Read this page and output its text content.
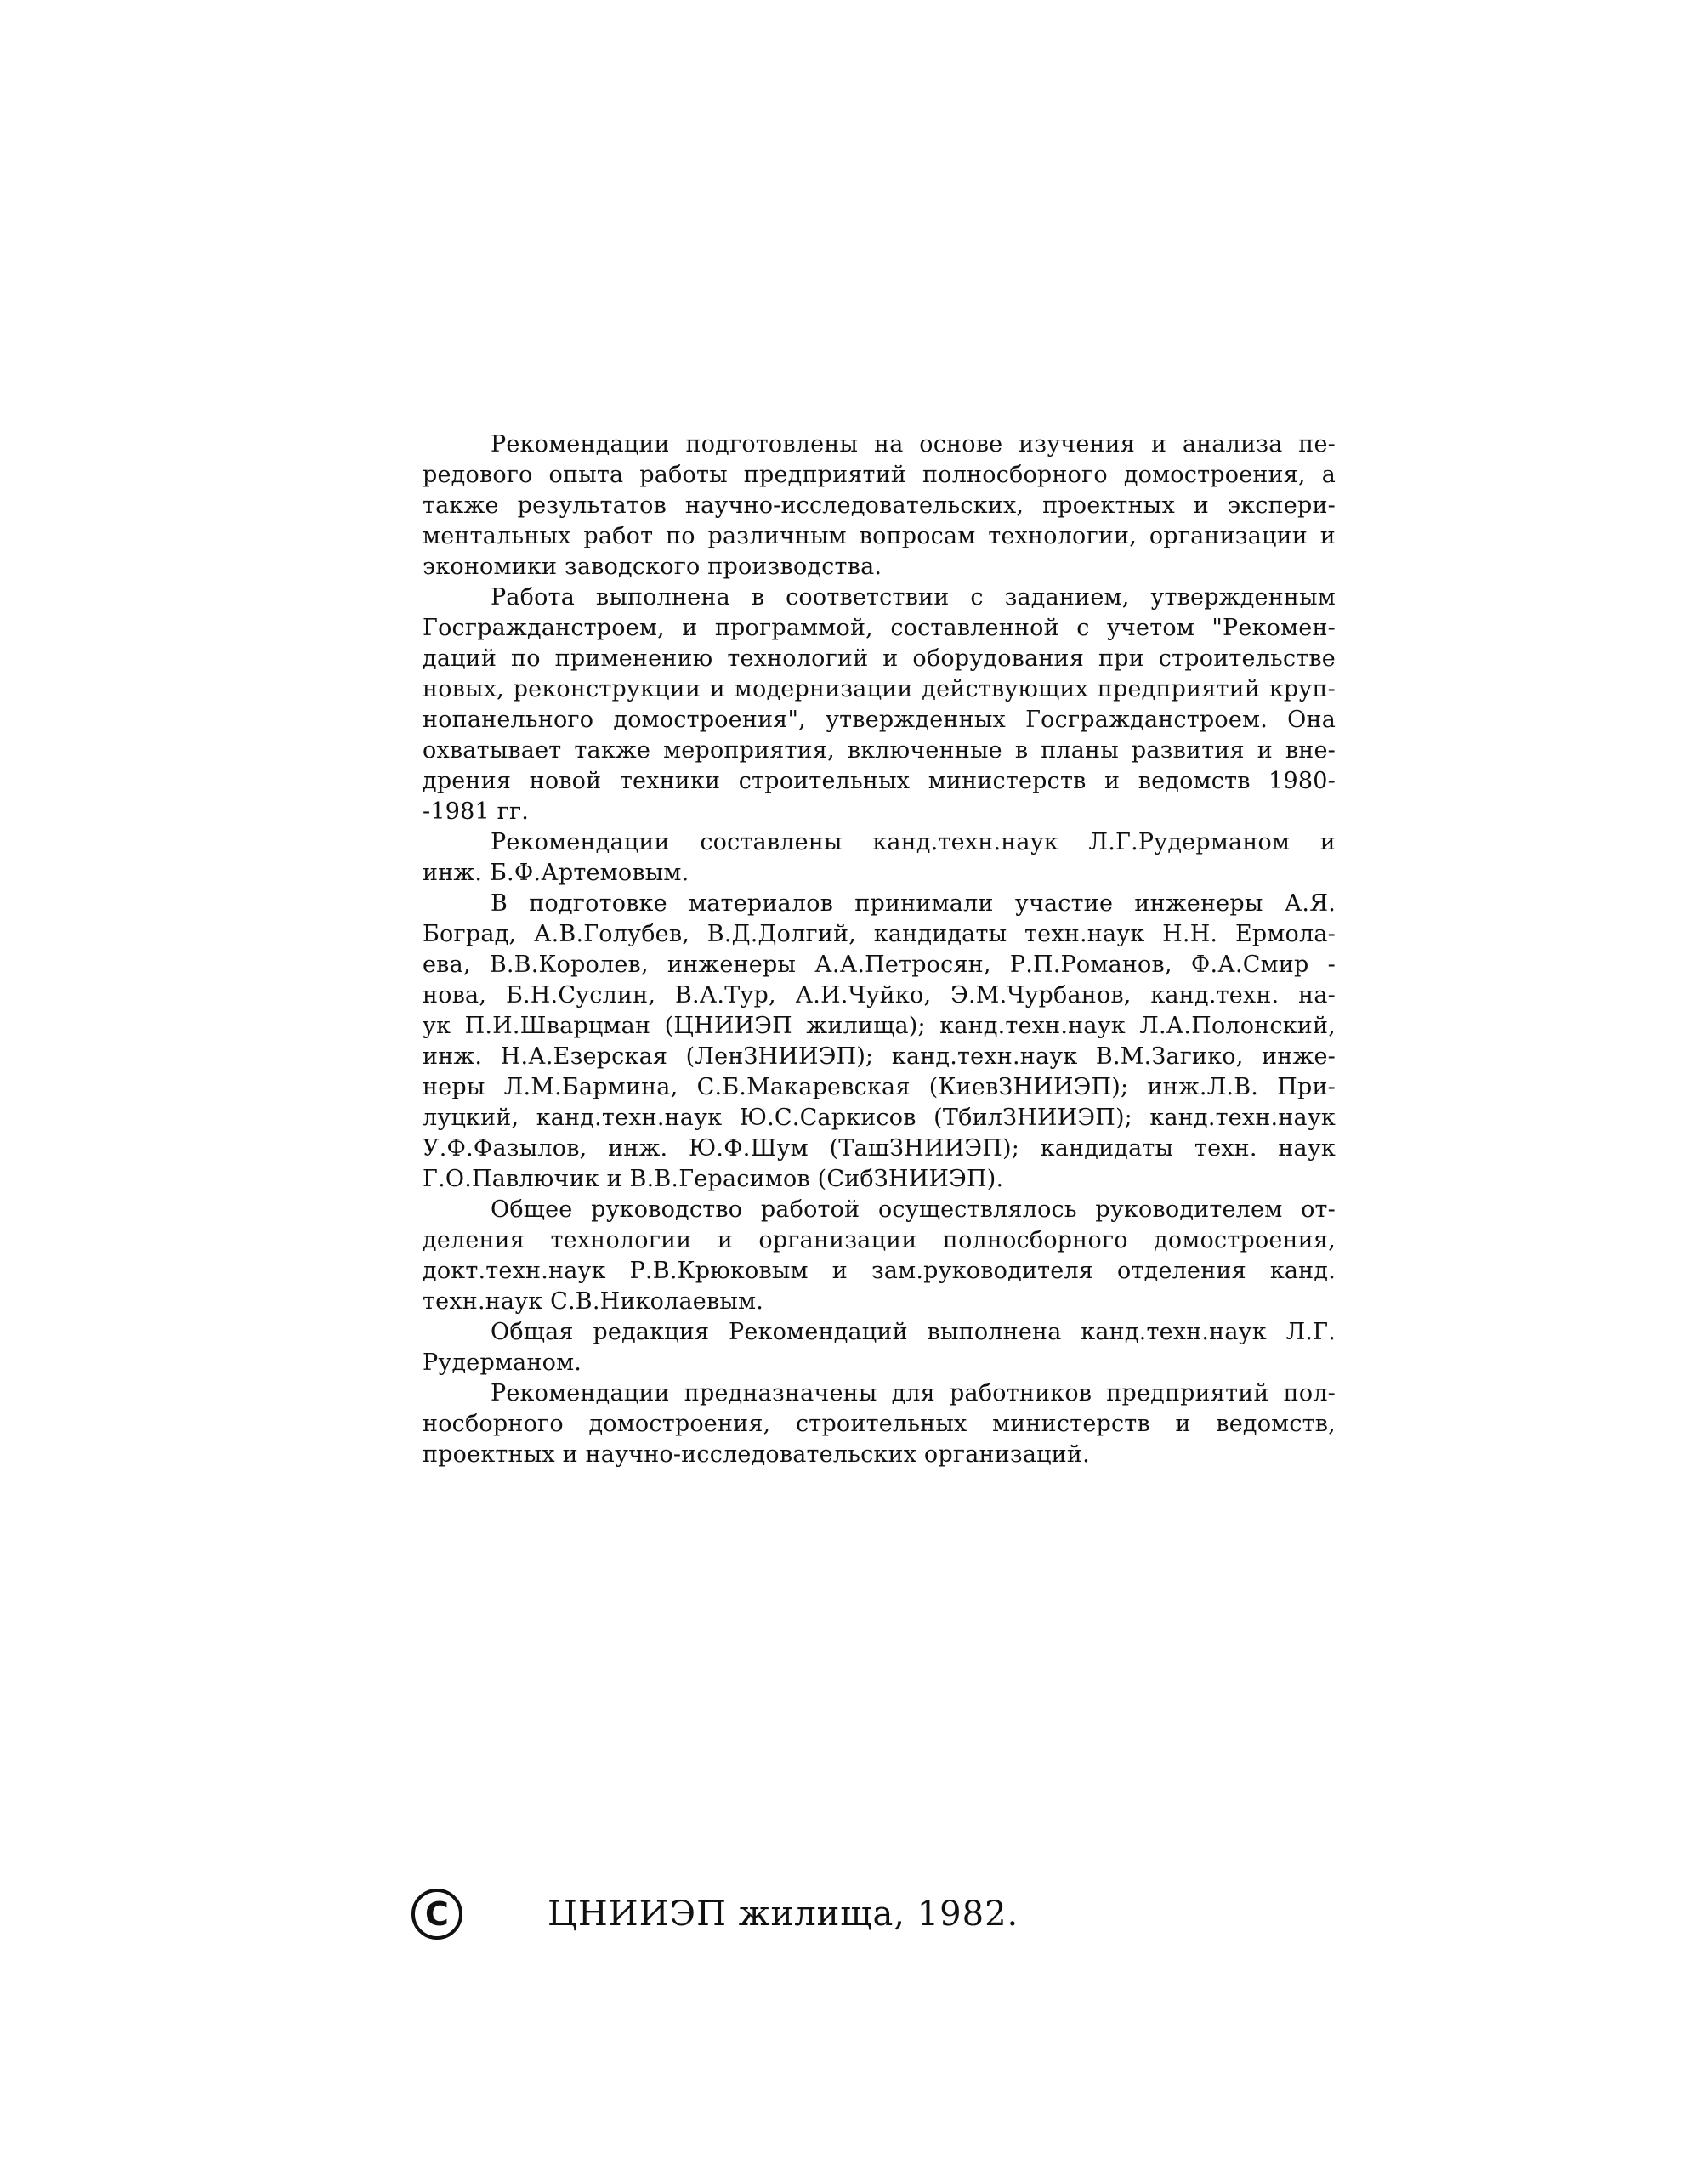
Рекомендации подготовлены на основе изучения и анализа пе-
редового опыта работы предприятий полносборного домостроения, а
также результатов научно-исследовательских, проектных и экспери-
ментальных работ по различным вопросам технологии, организации и
экономики заводского производства.
Работа выполнена в соответствии с заданием, утвержденным
Госгражданстроем, и программой, составленной с учетом "Рекомен-
даций по применению технологий и оборудования при строительстве
новых, реконструкции и модернизации действующих предприятий круп-
нопанельного домостроения", утвержденных Госгражданстроем. Она
охватывает также мероприятия, включенные в планы развития и вне-
дрения новой техники строительных министерств и ведомств 1980-
-1981 гг.
Рекомендации составлены канд.техн.наук Л.Г.Рудерманом и
инж. Б.Ф.Артемовым.
В подготовке материалов принимали участие инженеры А.Я.
Боград, А.В.Голубев, В.Д.Долгий, кандидаты техн.наук Н.Н. Ермола-
ева, В.В.Королев, инженеры А.А.Петросян, Р.П.Романов, Ф.А.Смир -
нова, Б.Н.Суслин, В.А.Тур, А.И.Чуйко, Э.М.Чурбанов, канд.техн. на-
ук П.И.Шварцман (ЦНИИЭП жилища); канд.техн.наук Л.А.Полонский,
инж. Н.А.Езерская (ЛенЗНИИЭП); канд.техн.наук В.М.Загико, инже-
неры Л.М.Бармина, С.Б.Макаревская (КиевЗНИИЭП); инж.Л.В. При-
луцкий, канд.техн.наук Ю.С.Саркисов (ТбилЗНИИЭП); канд.техн.наук
У.Ф.Фазылов, инж. Ю.Ф.Шум (ТашЗНИИЭП); кандидаты техн. наук
Г.О.Павлючик и В.В.Герасимов (СибЗНИИЭП).
Общее руководство работой осуществлялось руководителем от-
деления технологии и организации полносборного домостроения,
докт.техн.наук Р.В.Крюковым и зам.руководителя отделения канд.
техн.наук С.В.Николаевым.
Общая редакция Рекомендаций выполнена канд.техн.наук Л.Г.
Рудерманом.
Рекомендации предназначены для работников предприятий пол-
носборного домостроения, строительных министерств и ведомств,
проектных и научно-исследовательских организаций.
C	ЦНИИЭП жилища, 1982.
